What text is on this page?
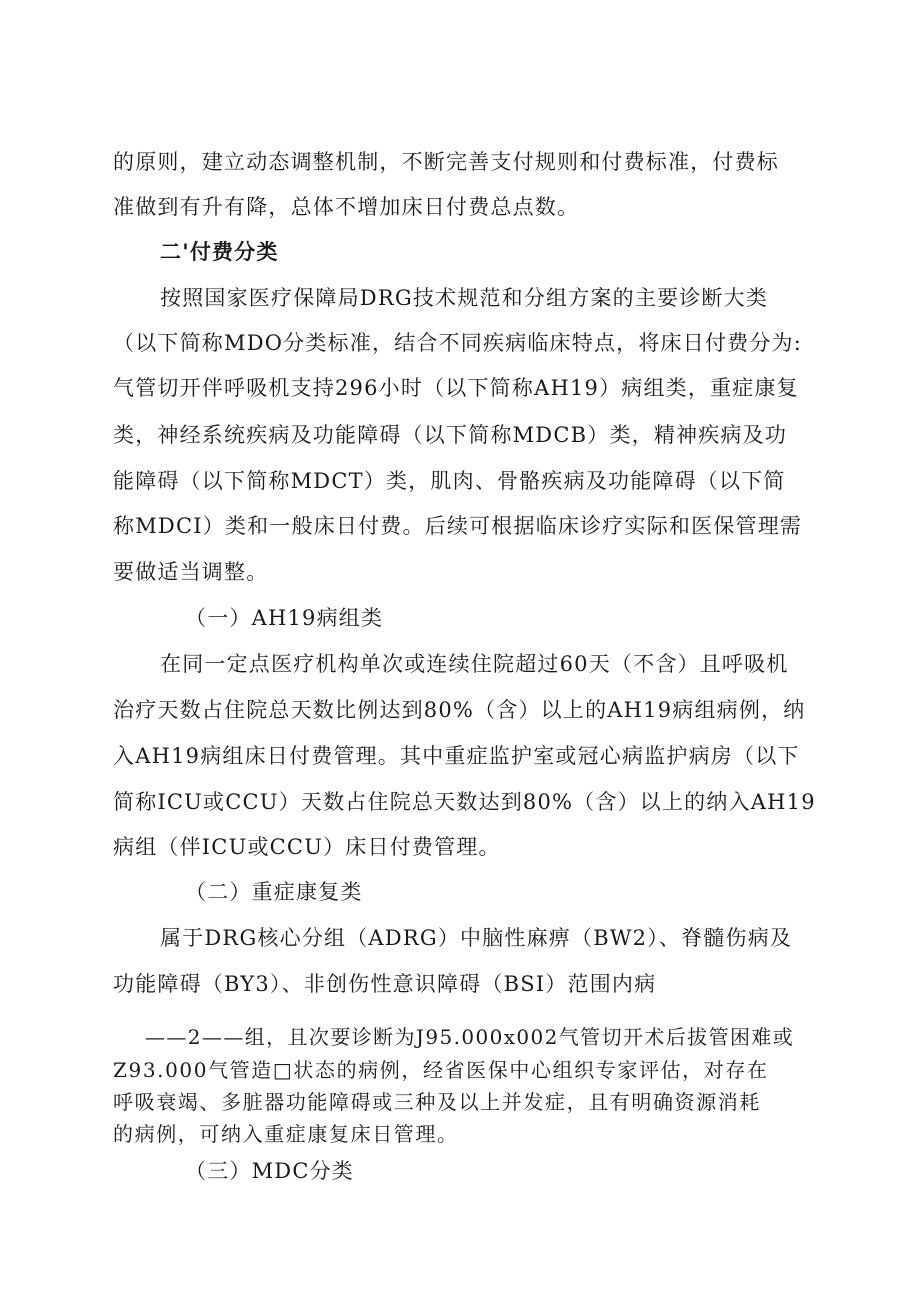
的原则，建立动态调整机制，不断完善支付规则和付费标准，付费标
准做到有升有降，总体不增加床日付费总点数。
二'付费分类
按照国家医疗保障局DRG技术规范和分组方案的主要诊断大类
（以下简称MDO分类标准，结合不同疾病临床特点，将床日付费分为:
气管切开伴呼吸机支持296小时（以下简称AH19）病组类，重症康复
类，神经系统疾病及功能障碍（以下简称MDCB）类，精神疾病及功
能障碍（以下简称MDCT）类，肌肉、骨骼疾病及功能障碍（以下简
称MDCI）类和一般床日付费。后续可根据临床诊疗实际和医保管理需
要做适当调整。
（一）AH19病组类
在同一定点医疗机构单次或连续住院超过60天（不含）且呼吸机
治疗天数占住院总天数比例达到80%（含）以上的AH19病组病例，纳
入AH19病组床日付费管理。其中重症监护室或冠心病监护病房（以下
简称ICU或CCU）天数占住院总天数达到80%（含）以上的纳入AH19
病组（伴ICU或CCU）床日付费管理。
（二）重症康复类
属于DRG核心分组（ADRG）中脑性麻痹（BW2）、脊髓伤病及
功能障碍（BY3）、非创伤性意识障碍（BSI）范围内病
——2——组，且次要诊断为J95.000x002气管切开术后拔管困难或
Z93.000气管造□状态的病例，经省医保中心组织专家评估，对存在
呼吸衰竭、多脏器功能障碍或三种及以上并发症，且有明确资源消耗
的病例，可纳入重症康复床日管理。
（三）MDC分类
